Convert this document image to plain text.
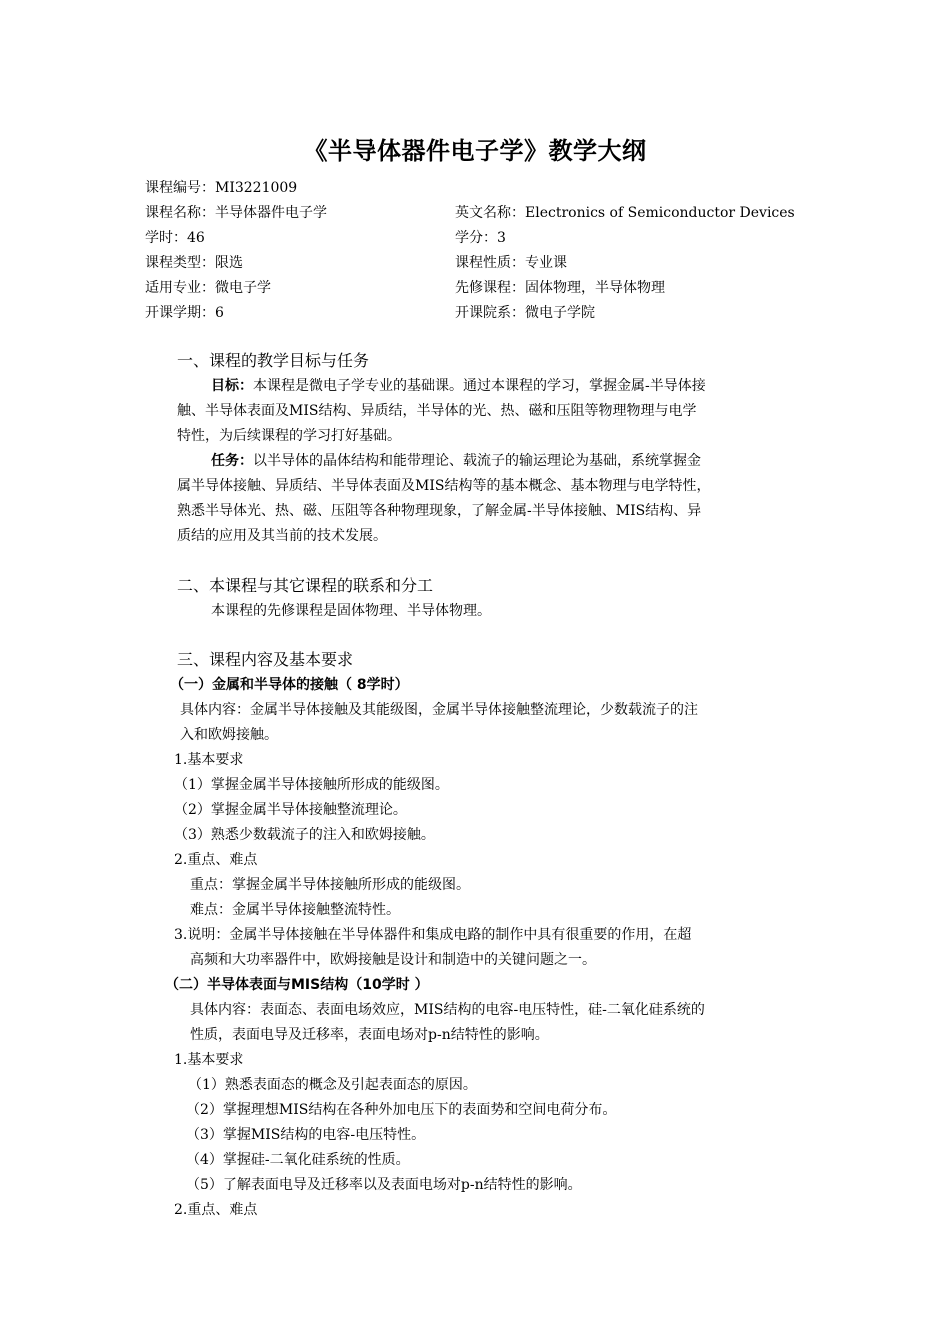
《半导体器件电子学》教学大纲
课程编号：MI3221009
课程名称：半导体器件电子学	英文名称：Electronics of Semiconductor Devices
学时：46	学分：3
课程类型：限选	课程性质：专业课
适用专业：微电子学	先修课程：固体物理，半导体物理
开课学期：6	开课院系：微电子学院
一、课程的教学目标与任务
目标：本课程是微电子学专业的基础课。通过本课程的学习，掌握金属-半导体接
触、半导体表面及MIS结构、异质结，半导体的光、热、磁和压阻等物理物理与电学
特性，为后续课程的学习打好基础。
任务：以半导体的晶体结构和能带理论、载流子的输运理论为基础，系统掌握金
属半导体接触、异质结、半导体表面及MIS结构等的基本概念、基本物理与电学特性，
熟悉半导体光、热、磁、压阻等各种物理现象，了解金属-半导体接触、MIS结构、异
质结的应用及其当前的技术发展。
二、本课程与其它课程的联系和分工
本课程的先修课程是固体物理、半导体物理。
三、课程内容及基本要求
（一）金属和半导体的接触（ 8学时）
具体内容：金属半导体接触及其能级图，金属半导体接触整流理论，少数载流子的注
入和欧姆接触。
1.基本要求
（1）掌握金属半导体接触所形成的能级图。
（2）掌握金属半导体接触整流理论。
（3）熟悉少数载流子的注入和欧姆接触。
2.重点、难点
重点：掌握金属半导体接触所形成的能级图。
难点：金属半导体接触整流特性。
3.说明：金属半导体接触在半导体器件和集成电路的制作中具有很重要的作用，在超
高频和大功率器件中，欧姆接触是设计和制造中的关键问题之一。
（二）半导体表面与MIS结构（10学时 ）
具体内容：表面态、表面电场效应，MIS结构的电容-电压特性，硅-二氧化硅系统的
性质，表面电导及迁移率，表面电场对p-n结特性的影响。
1.基本要求
（1）熟悉表面态的概念及引起表面态的原因。
（2）掌握理想MIS结构在各种外加电压下的表面势和空间电荷分布。
（3）掌握MIS结构的电容-电压特性。
（4）掌握硅-二氧化硅系统的性质。
（5）了解表面电导及迁移率以及表面电场对p-n结特性的影响。
2.重点、难点
